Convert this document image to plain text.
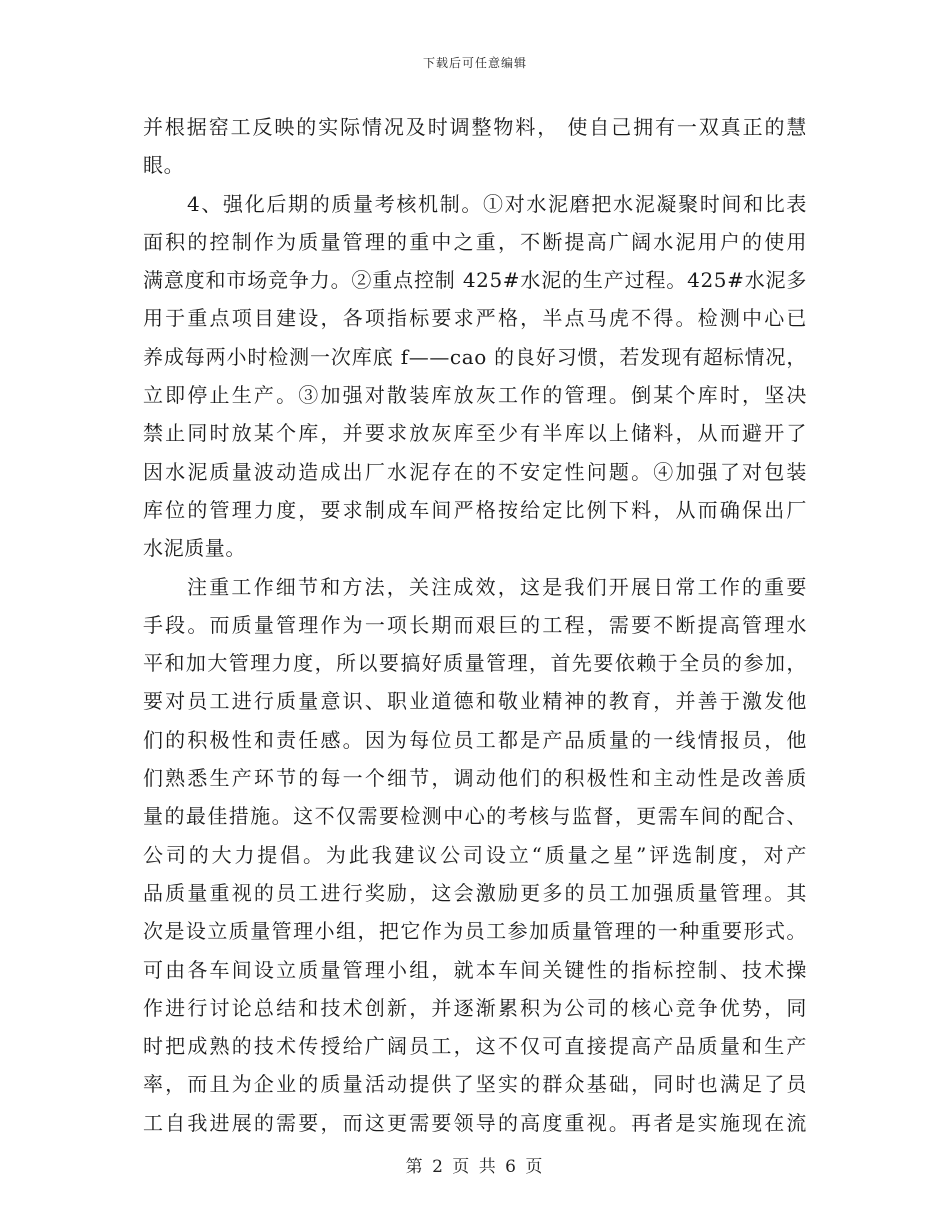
下载后可任意编辑
并根据窑工反映的实际情况及时调整物料， 使自己拥有一双真正的慧
眼。
4、强化后期的质量考核机制。①对水泥磨把水泥凝聚时间和比表
面积的控制作为质量管理的重中之重，不断提高广阔水泥用户的使用
满意度和市场竞争力。②重点控制 425#水泥的生产过程。425#水泥多
用于重点项目建设，各项指标要求严格，半点马虎不得。检测中心已
养成每两小时检测一次库底 f——cao 的良好习惯，若发现有超标情况，
立即停止生产。③加强对散装库放灰工作的管理。倒某个库时，坚决
禁止同时放某个库，并要求放灰库至少有半库以上储料，从而避开了
因水泥质量波动造成出厂水泥存在的不安定性问题。④加强了对包装
库位的管理力度，要求制成车间严格按给定比例下料，从而确保出厂
水泥质量。
注重工作细节和方法，关注成效，这是我们开展日常工作的重要
手段。而质量管理作为一项长期而艰巨的工程，需要不断提高管理水
平和加大管理力度，所以要搞好质量管理，首先要依赖于全员的参加，
要对员工进行质量意识、职业道德和敬业精神的教育，并善于激发他
们的积极性和责任感。因为每位员工都是产品质量的一线情报员，他
们熟悉生产环节的每一个细节，调动他们的积极性和主动性是改善质
量的最佳措施。这不仅需要检测中心的考核与监督，更需车间的配合、
公司的大力提倡。为此我建议公司设立“质量之星”评选制度，对产
品质量重视的员工进行奖励，这会激励更多的员工加强质量管理。其
次是设立质量管理小组，把它作为员工参加质量管理的一种重要形式。
可由各车间设立质量管理小组，就本车间关键性的指标控制、技术操
作进行讨论总结和技术创新，并逐渐累积为公司的核心竞争优势，同
时把成熟的技术传授给广阔员工，这不仅可直接提高产品质量和生产
率，而且为企业的质量活动提供了坚实的群众基础，同时也满足了员
工自我进展的需要，而这更需要领导的高度重视。再者是实施现在流
第 2 页 共 6 页
